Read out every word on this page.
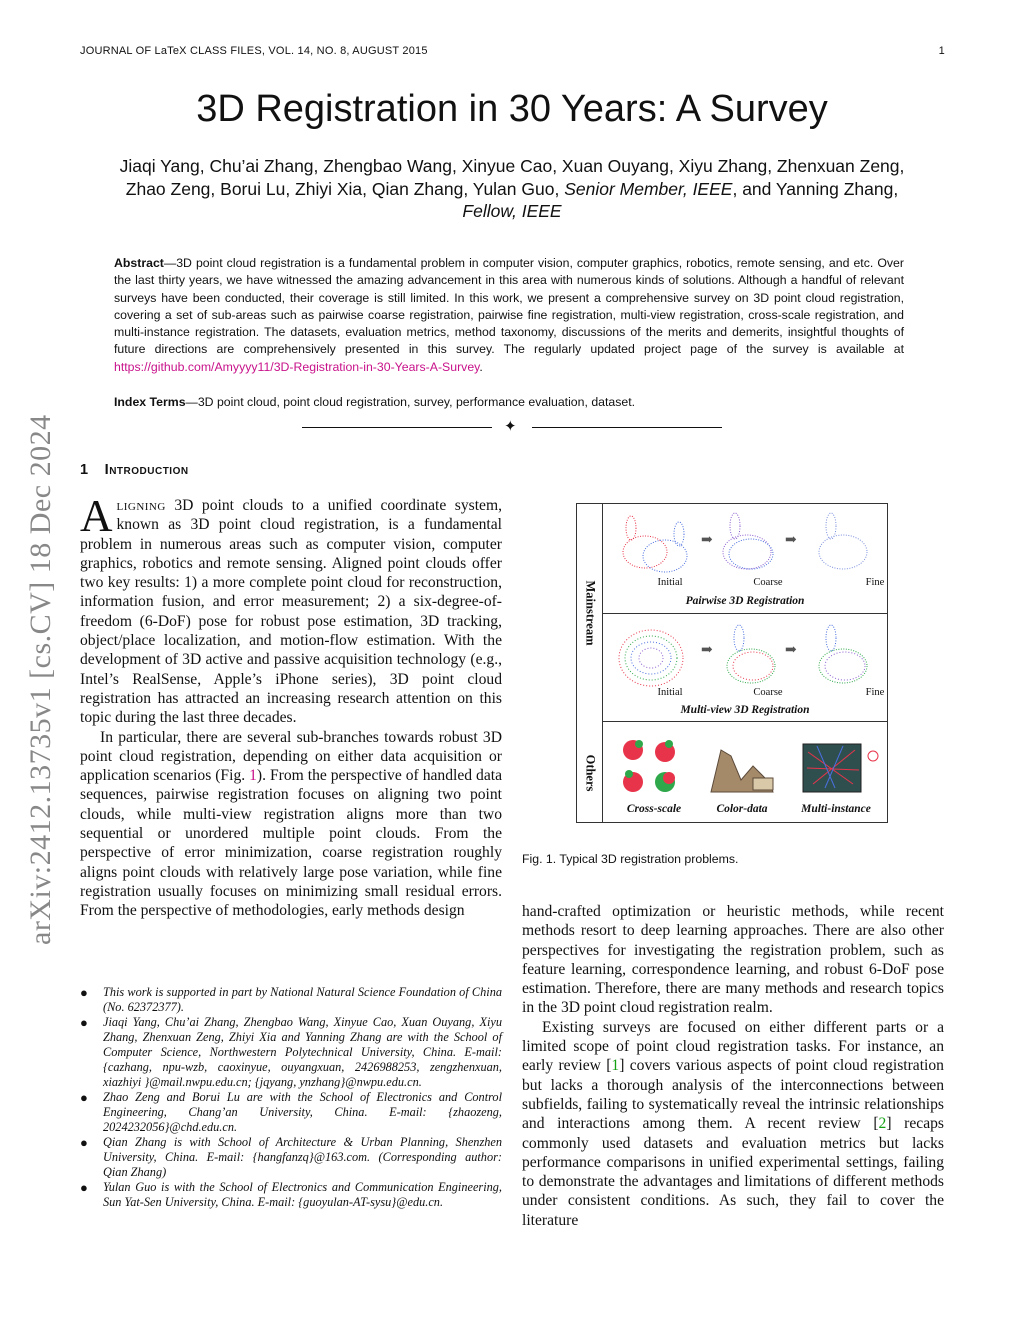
JOURNAL OF LaTeX CLASS FILES, VOL. 14, NO. 8, AUGUST 2015	1
arXiv:2412.13735v1 [cs.CV] 18 Dec 2024
3D Registration in 30 Years: A Survey
Jiaqi Yang, Chu’ai Zhang, Zhengbao Wang, Xinyue Cao, Xuan Ouyang, Xiyu Zhang, Zhenxuan Zeng, Zhao Zeng, Borui Lu, Zhiyi Xia, Qian Zhang, Yulan Guo, Senior Member, IEEE, and Yanning Zhang, Fellow, IEEE
Abstract—3D point cloud registration is a fundamental problem in computer vision, computer graphics, robotics, remote sensing, and etc. Over the last thirty years, we have witnessed the amazing advancement in this area with numerous kinds of solutions. Although a handful of relevant surveys have been conducted, their coverage is still limited. In this work, we present a comprehensive survey on 3D point cloud registration, covering a set of sub-areas such as pairwise coarse registration, pairwise fine registration, multi-view registration, cross-scale registration, and multi-instance registration. The datasets, evaluation metrics, method taxonomy, discussions of the merits and demerits, insightful thoughts of future directions are comprehensively presented in this survey. The regularly updated project page of the survey is available at https://github.com/Amyyyy11/3D-Registration-in-30-Years-A-Survey.
Index Terms—3D point cloud, point cloud registration, survey, performance evaluation, dataset.
✦
1 Introduction

Aligning 3D point clouds to a unified coordinate system, known as 3D point cloud registration, is a fundamental problem in numerous areas such as computer vision, computer graphics, robotics and remote sensing. Aligned point clouds offer two key results: 1) a more complete point cloud for reconstruction, information fusion, and error measurement; 2) a six-degree-of-freedom (6-DoF) pose for robust pose estimation, 3D tracking, object/place localization, and motion-flow estimation. With the development of 3D active and passive acquisition technology (e.g., Intel’s RealSense, Apple’s iPhone series), 3D point cloud registration has attracted an increasing research attention on this topic during the last three decades.

In particular, there are several sub-branches towards robust 3D point cloud registration, depending on either data acquisition or application scenarios (Fig. 1). From the perspective of handled data sequences, pairwise registration focuses on aligning two point clouds, while multi-view registration aligns more than two sequential or unordered multiple point clouds. From the perspective of error minimization, coarse registration roughly aligns point clouds with relatively large pose variation, while fine registration usually focuses on minimizing small residual errors. From the perspective of methodologies, early methods design

● This work is supported in part by National Natural Science Foundation of China (No. 62372377).
● Jiaqi Yang, Chu’ai Zhang, Zhengbao Wang, Xinyue Cao, Xuan Ouyang, Xiyu Zhang, Zhenxuan Zeng, Zhiyi Xia and Yanning Zhang are with the School of Computer Science, Northwestern Polytechnical University, China. E-mail: {cazhang, npu-wzb, caoxinyue, ouyangxuan, 2426988253, zengzhenxuan, xiazhiyi }@mail.nwpu.edu.cn; {jqyang, ynzhang}@nwpu.edu.cn.
● Zhao Zeng and Borui Lu are with the School of Electronics and Control Engineering, Chang’an University, China. E-mail: {zhaozeng, 2024232056}@chd.edu.cn.
● Qian Zhang is with School of Architecture & Urban Planning, Shenzhen University, China. E-mail: {hangfanzq}@163.com. (Corresponding author: Qian Zhang)
● Yulan Guo is with the School of Electronics and Communication Engineering, Sun Yat-Sen University, China. E-mail: {guoyulan-AT-sysu}@edu.cn.
Mainstream
Others
➡	➡
Initial	Coarse	Fine
Pairwise 3D Registration
➡	➡
Initial	Coarse	Fine
Multi-view 3D Registration
Cross-scale	Color-data	Multi-instance
Fig. 1. Typical 3D registration problems.

hand-crafted optimization or heuristic methods, while recent methods resort to deep learning approaches. There are also other perspectives for investigating the registration problem, such as feature learning, correspondence learning, and robust 6-DoF pose estimation. Therefore, there are many methods and research topics in the 3D point cloud registration realm.

Existing surveys are focused on either different parts or a limited scope of point cloud registration tasks. For instance, an early review [1] covers various aspects of point cloud registration but lacks a thorough analysis of the interconnections between subfields, failing to systematically reveal the intrinsic relationships and interactions among them. A recent review [2] recaps commonly used datasets and evaluation metrics but lacks performance comparisons in unified experimental settings, failing to demonstrate the advantages and limitations of different methods under consistent conditions. As such, they fail to cover the literature
